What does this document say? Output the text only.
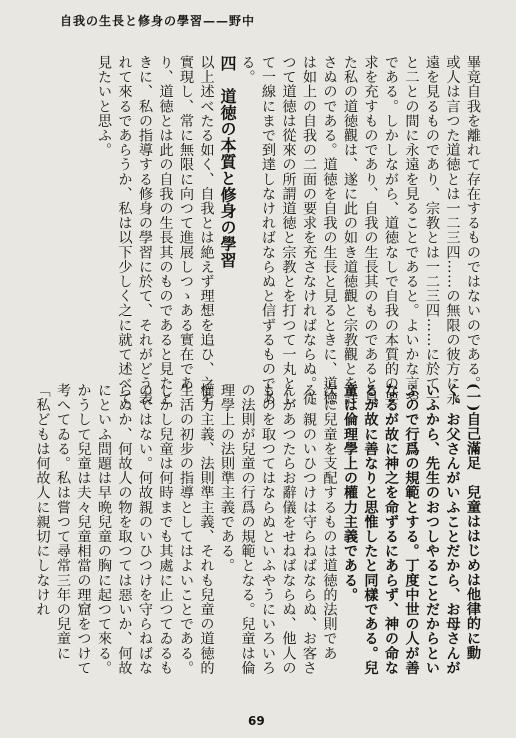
自我の生長と修身の學習——野中

畢竟自我を離れて存在するものではないのである。

或人は言つた道徳とは一二三四……の無限の彼方に永遠を見るものであり、宗教とは一二三四……に於て一と二との間に永遠を見ることであると。よいかな言やである。しかしながら、道徳なしで自我の本質的の要求を充すものであり、自我の生長其のものであると見た私の道徳觀は、遂に此の如き道徳觀と宗教觀とを許さぬのである。道徳を自我の生長と見るときに、道徳は如上の自我の二面の要求を充さなければならぬ。従つて道徳は從來の所謂道徳と宗教とを打つて一丸として一線にまで到達しなければならぬと信ずるものである。

四　道徳の本質と修身の學習

以上述べたる如く、自我とは絶えず理想を追ひ、之を實現し、常に無限に向つて進展しつゝある實在であり、道徳とは此の自我の生長其のものであると見たときに、私の指導する修身の學習に於て、それがどう表れて來るであらうか、私は以下少しく之に就て述べて見たいと思ふ。

(一)自己滿足　兒童ははじめは他律的に動く。お父さんがいふことだから、お母さんがいふから、先生のおつしやることだからといふので行爲の規範とする。丁度中世の人が善なるが故に神之を命ずるにあらず、神の命なるが故に善なりと思惟したと同樣である。兒童は倫理學上の權力主義である。

次に兒童を支配するものは道徳的法則である。親のいひつけは守らねばならぬ、お客さんがあつたらお辭儀をせねばならぬ、他人のものを取つてはならぬといふやうにいろいろの法則が兒童の行爲の規範となる。兒童は倫理學上の法則準主義である。

權力主義、法則準主義、それも兒童の道徳的生活の初步の指導としてはよいことである。しかし兒童は何時までも其處に止つてゐるものではない。何故親のいひつけを守らねばならぬか、何故人の物を取つては惡いか、何故にといふ問題は早晩兒童の胸に起つて來る。かうして兒童は夫々兒童相當の理窟をつけて考へてゐる。私は嘗つて尋常三年の兒童に「私どもは何故人に親切にしなけれ

69
